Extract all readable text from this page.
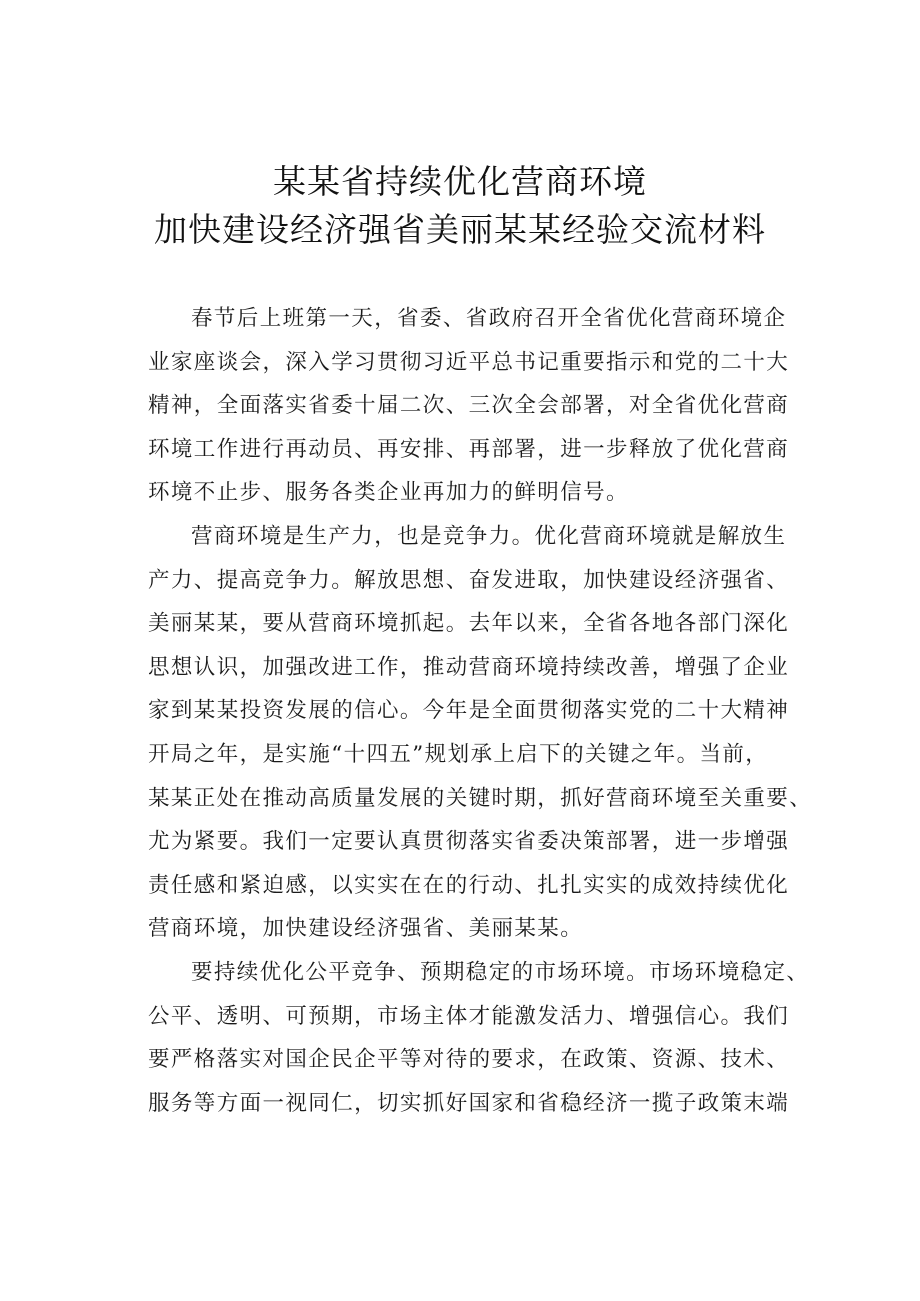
某某省持续优化营商环境
加快建设经济强省美丽某某经验交流材料
春节后上班第一天，省委、省政府召开全省优化营商环境企
业家座谈会，深入学习贯彻习近平总书记重要指示和党的二十大
精神，全面落实省委十届二次、三次全会部署，对全省优化营商
环境工作进行再动员、再安排、再部署，进一步释放了优化营商
环境不止步、服务各类企业再加力的鲜明信号。
营商环境是生产力，也是竞争力。优化营商环境就是解放生
产力、提高竞争力。解放思想、奋发进取，加快建设经济强省、
美丽某某，要从营商环境抓起。去年以来，全省各地各部门深化
思想认识，加强改进工作，推动营商环境持续改善，增强了企业
家到某某投资发展的信心。今年是全面贯彻落实党的二十大精神
开局之年，是实施“十四五”规划承上启下的关键之年。当前，
某某正处在推动高质量发展的关键时期，抓好营商环境至关重要、
尤为紧要。我们一定要认真贯彻落实省委决策部署，进一步增强
责任感和紧迫感，以实实在在的行动、扎扎实实的成效持续优化
营商环境，加快建设经济强省、美丽某某。
要持续优化公平竞争、预期稳定的市场环境。市场环境稳定、
公平、透明、可预期，市场主体才能激发活力、增强信心。我们
要严格落实对国企民企平等对待的要求，在政策、资源、技术、
服务等方面一视同仁，切实抓好国家和省稳经济一揽子政策末端
